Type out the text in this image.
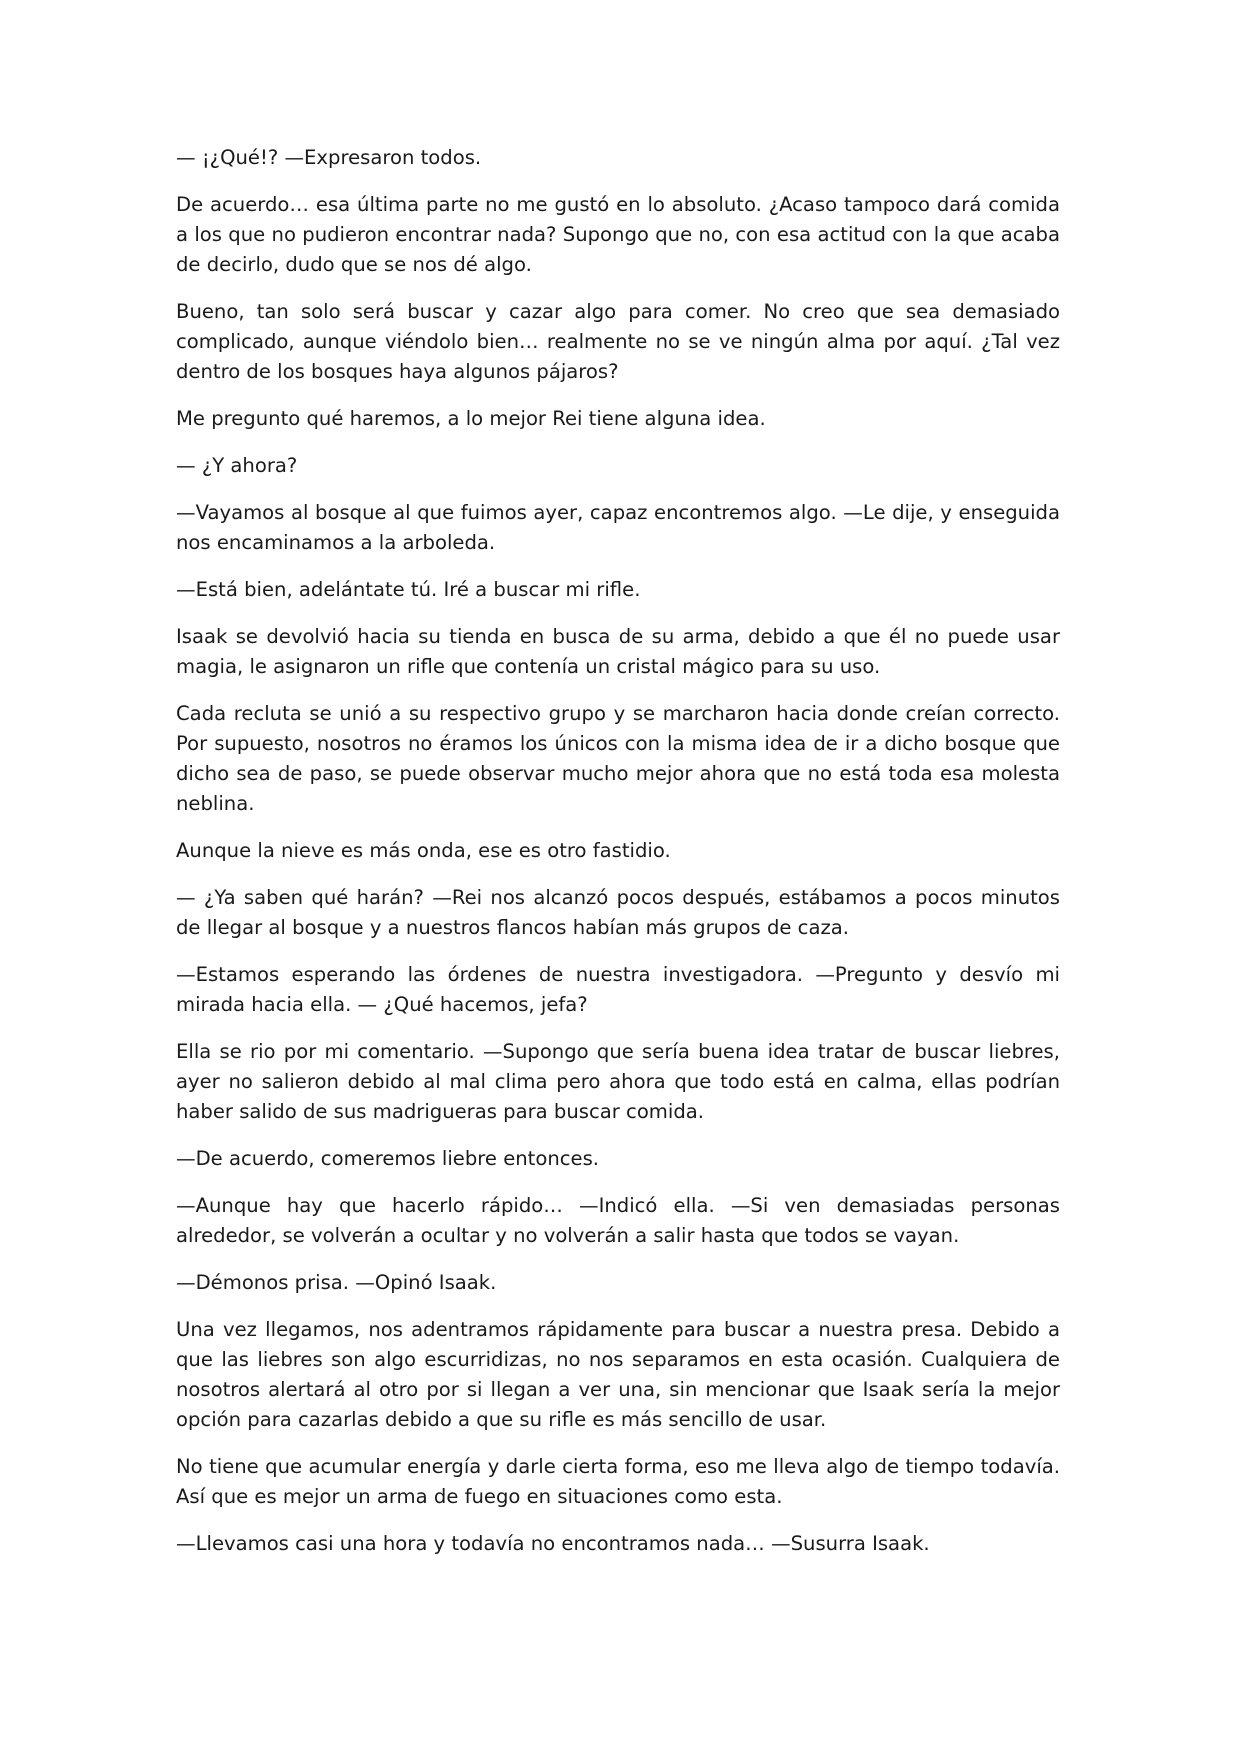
— ¡¿Qué!? —Expresaron todos.

De acuerdo… esa última parte no me gustó en lo absoluto. ¿Acaso tampoco dará comida a los que no pudieron encontrar nada? Supongo que no, con esa actitud con la que acaba de decirlo, dudo que se nos dé algo.

Bueno, tan solo será buscar y cazar algo para comer. No creo que sea demasiado complicado, aunque viéndolo bien… realmente no se ve ningún alma por aquí. ¿Tal vez dentro de los bosques haya algunos pájaros?

Me pregunto qué haremos, a lo mejor Rei tiene alguna idea.

— ¿Y ahora?

—Vayamos al bosque al que fuimos ayer, capaz encontremos algo. —Le dije, y enseguida nos encaminamos a la arboleda.

—Está bien, adelántate tú. Iré a buscar mi rifle.

Isaak se devolvió hacia su tienda en busca de su arma, debido a que él no puede usar magia, le asignaron un rifle que contenía un cristal mágico para su uso.

Cada recluta se unió a su respectivo grupo y se marcharon hacia donde creían correcto. Por supuesto, nosotros no éramos los únicos con la misma idea de ir a dicho bosque que dicho sea de paso, se puede observar mucho mejor ahora que no está toda esa molesta neblina.

Aunque la nieve es más onda, ese es otro fastidio.

— ¿Ya saben qué harán? —Rei nos alcanzó pocos después, estábamos a pocos minutos de llegar al bosque y a nuestros flancos habían más grupos de caza.

—Estamos esperando las órdenes de nuestra investigadora. —Pregunto y desvío mi mirada hacia ella. — ¿Qué hacemos, jefa?

Ella se rio por mi comentario. —Supongo que sería buena idea tratar de buscar liebres, ayer no salieron debido al mal clima pero ahora que todo está en calma, ellas podrían haber salido de sus madrigueras para buscar comida.

—De acuerdo, comeremos liebre entonces.

—Aunque hay que hacerlo rápido… —Indicó ella. —Si ven demasiadas personas alrededor, se volverán a ocultar y no volverán a salir hasta que todos se vayan.

—Démonos prisa. —Opinó Isaak.

Una vez llegamos, nos adentramos rápidamente para buscar a nuestra presa. Debido a que las liebres son algo escurridizas, no nos separamos en esta ocasión. Cualquiera de nosotros alertará al otro por si llegan a ver una, sin mencionar que Isaak sería la mejor opción para cazarlas debido a que su rifle es más sencillo de usar.

No tiene que acumular energía y darle cierta forma, eso me lleva algo de tiempo todavía. Así que es mejor un arma de fuego en situaciones como esta.

—Llevamos casi una hora y todavía no encontramos nada… —Susurra Isaak.
